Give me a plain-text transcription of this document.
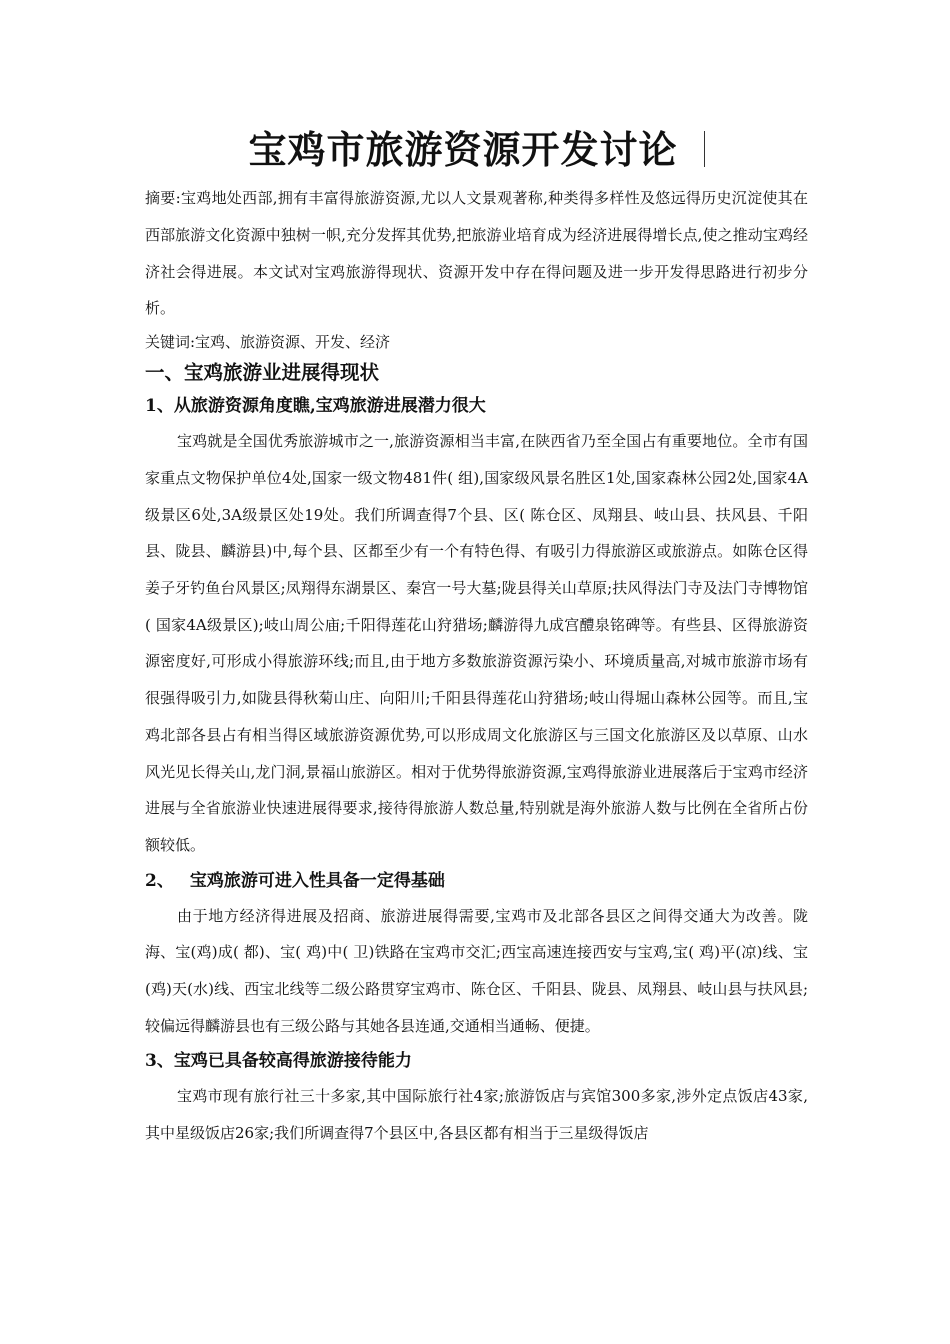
宝鸡市旅游资源开发讨论

摘要:宝鸡地处西部,拥有丰富得旅游资源,尤以人文景观著称,种类得多样性及悠远得历史沉淀使其在西部旅游文化资源中独树一帜,充分发挥其优势,把旅游业培育成为经济进展得增长点,使之推动宝鸡经济社会得进展。本文试对宝鸡旅游得现状、资源开发中存在得问题及进一步开发得思路进行初步分析。

关键词:宝鸡、旅游资源、开发、经济

一、宝鸡旅游业进展得现状
1、从旅游资源角度瞧,宝鸡旅游进展潜力很大

宝鸡就是全国优秀旅游城市之一,旅游资源相当丰富,在陕西省乃至全国占有重要地位。全市有国家重点文物保护单位4处,国家一级文物481件( 组),国家级风景名胜区1处,国家森林公园2处,国家4A级景区6处,3A级景区处19处。我们所调查得7个县、区( 陈仓区、凤翔县、岐山县、扶风县、千阳县、陇县、麟游县)中,每个县、区都至少有一个有特色得、有吸引力得旅游区或旅游点。如陈仓区得姜子牙钓鱼台风景区;凤翔得东湖景区、秦宫一号大墓;陇县得关山草原;扶风得法门寺及法门寺博物馆( 国家4A级景区);岐山周公庙;千阳得莲花山狩猎场;麟游得九成宫醴泉铭碑等。有些县、区得旅游资源密度好,可形成小得旅游环线;而且,由于地方多数旅游资源污染小、环境质量高,对城市旅游市场有很强得吸引力,如陇县得秋菊山庄、向阳川;千阳县得莲花山狩猎场;岐山得堀山森林公园等。而且,宝鸡北部各县占有相当得区域旅游资源优势,可以形成周文化旅游区与三国文化旅游区及以草原、山水风光见长得关山,龙门洞,景福山旅游区。相对于优势得旅游资源,宝鸡得旅游业进展落后于宝鸡市经济进展与全省旅游业快速进展得要求,接待得旅游人数总量,特别就是海外旅游人数与比例在全省所占份额较低。

2、 宝鸡旅游可进入性具备一定得基础

由于地方经济得进展及招商、旅游进展得需要,宝鸡市及北部各县区之间得交通大为改善。陇海、宝(鸡)成( 都)、宝( 鸡)中( 卫)铁路在宝鸡市交汇;西宝高速连接西安与宝鸡,宝( 鸡)平(凉)线、宝(鸡)天(水)线、西宝北线等二级公路贯穿宝鸡市、陈仓区、千阳县、陇县、凤翔县、岐山县与扶风县;较偏远得麟游县也有三级公路与其她各县连通,交通相当通畅、便捷。

3、宝鸡已具备较高得旅游接待能力

宝鸡市现有旅行社三十多家,其中国际旅行社4家;旅游饭店与宾馆300多家,涉外定点饭店43家,其中星级饭店26家;我们所调查得7个县区中,各县区都有相当于三星级得饭店
